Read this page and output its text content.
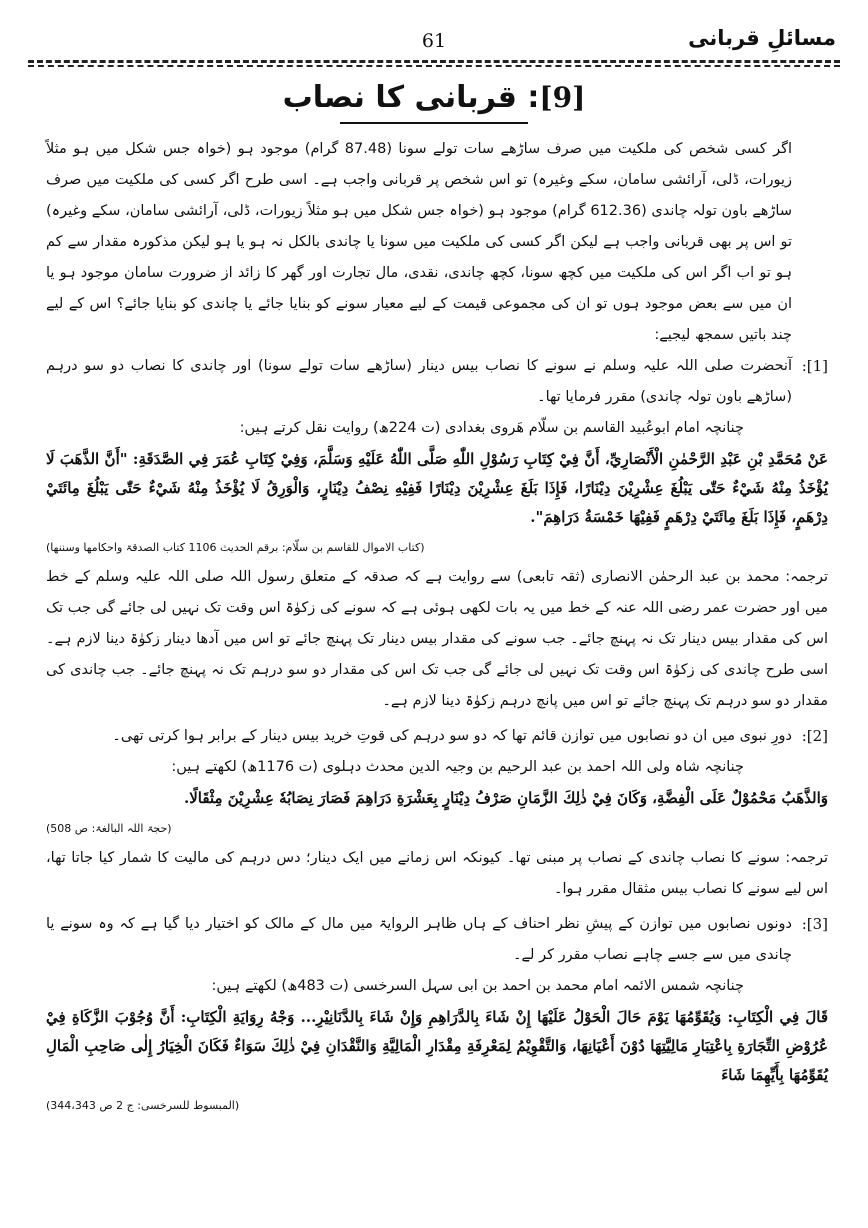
مسائلِ قربانی
61
[9]: قربانی کا نصاب

اگر کسی شخص کی ملکیت میں صرف ساڑھے سات تولے سونا (87.48 گرام) موجود ہو (خواہ جس شکل میں ہو مثلاً زیورات، ڈلی، آرائشی سامان، سکے وغیرہ) تو اس شخص پر قربانی واجب ہے۔ اسی طرح اگر کسی کی ملکیت میں صرف ساڑھے باون تولہ چاندی (612.36 گرام) موجود ہو (خواہ جس شکل میں ہو مثلاً زیورات، ڈلی، آرائشی سامان، سکے وغیرہ) تو اس پر بھی قربانی واجب ہے لیکن اگر کسی کی ملکیت میں سونا یا چاندی بالکل نہ ہو یا ہو لیکن مذکورہ مقدار سے کم ہو تو اب اگر اس کی ملکیت میں کچھ سونا، کچھ چاندی، نقدی، مال تجارت اور گھر کا زائد از ضرورت سامان موجود ہو یا ان میں سے بعض موجود ہوں تو ان کی مجموعی قیمت کے لیے معیار سونے کو بنایا جائے یا چاندی کو بنایا جائے؟ اس کے لیے چند باتیں سمجھ لیجیے:

[1]:
آنحضرت صلی اللہ علیہ وسلم نے سونے کا نصاب بیس دینار (ساڑھے سات تولے سونا) اور چاندی کا نصاب دو سو درہم (ساڑھے باون تولہ چاندی) مقرر فرمایا تھا۔

چنانچہ امام ابوعُبید القاسم بن سلّام ھَروی بغدادی (ت 224ھ) روایت نقل کرتے ہیں:

عَنْ مُحَمَّدِ بْنِ عَبْدِ الرَّحْمٰنِ الْأَنْصَارِيِّ، أَنَّ فِيْ كِتَابِ رَسُوْلِ اللّٰهِ صَلَّى اللّٰهُ عَلَيْهِ وَسَلَّمَ، وَفِيْ كِتَابِ عُمَرَ فِي الصَّدَقَةِ: "أَنَّ الذَّهَبَ لَا يُؤْخَذُ مِنْهُ شَيْءٌ حَتّٰى يَبْلُغَ عِشْرِيْنَ دِيْنَارًا، فَإِذَا بَلَغَ عِشْرِيْنَ دِيْنَارًا فَفِيْهِ نِصْفُ دِيْنَارٍ، وَالْوَرِقُ لَا يُؤْخَذُ مِنْهُ شَيْءٌ حَتّٰى يَبْلُغَ مِائَتَيْ دِرْهَمٍ، فَإِذَا بَلَغَ مِائَتَيْ دِرْهَمٍ فَفِيْهَا خَمْسَةُ دَرَاهِمَ".

(کتاب الاموال للقاسم بن سلّام: برقم الحدیث 1106 کتاب الصدقۃ واحکامھا وسننھا)

ترجمہ: محمد بن عبد الرحمٰن الانصاری (ثقہ تابعی) سے روایت ہے کہ صدقہ کے متعلق رسول اللہ صلی اللہ علیہ وسلم کے خط میں اور حضرت عمر رضی اللہ عنہ کے خط میں یہ بات لکھی ہوئی ہے کہ سونے کی زکوٰۃ اس وقت تک نہیں لی جائے گی جب تک اس کی مقدار بیس دینار تک نہ پہنچ جائے۔ جب سونے کی مقدار بیس دینار تک پہنچ جائے تو اس میں آدھا دینار زکوٰۃ دینا لازم ہے۔ اسی طرح چاندی کی زکوٰۃ اس وقت تک نہیں لی جائے گی جب تک اس کی مقدار دو سو درہم تک نہ پہنچ جائے۔ جب چاندی کی مقدار دو سو درہم تک پہنچ جائے تو اس میں پانچ درہم زکوٰۃ دینا لازم ہے۔

[2]:
دورِ نبوی میں ان دو نصابوں میں توازن قائم تھا کہ دو سو درہم کی قوتِ خرید بیس دینار کے برابر ہوا کرتی تھی۔

چنانچہ شاہ ولی اللہ احمد بن عبد الرحیم بن وجیہ الدین محدث دہلوی (ت 1176ھ) لکھتے ہیں:

وَالذَّهَبُ مَحْمُوْلٌ عَلَى الْفِضَّةِ، وَكَانَ فِيْ ذٰلِكَ الزَّمَانِ صَرْفُ دِيْنَارٍ بِعَشْرَةِ دَرَاهِمَ فَصَارَ نِصَابُهٗ عِشْرِيْنَ مِثْقَالًا.

(حجۃ اللہ البالغۃ: ص 508)

ترجمہ: سونے کا نصاب چاندی کے نصاب پر مبنی تھا۔ کیونکہ اس زمانے میں ایک دینار؛ دس درہم کی مالیت کا شمار کیا جاتا تھا، اس لیے سونے کا نصاب بیس مثقال مقرر ہوا۔

[3]:
دونوں نصابوں میں توازن کے پیشِ نظر احناف کے ہاں ظاہر الروایۃ میں مال کے مالک کو اختیار دیا گیا ہے کہ وہ سونے یا چاندی میں سے جسے چاہے نصاب مقرر کر لے۔

چنانچہ شمس الائمہ امام محمد بن احمد بن ابی سہل السرخسی (ت 483ھ) لکھتے ہیں:

قَالَ فِي الْكِتَابِ: وَيُقَوِّمُهَا يَوْمَ حَالَ الْحَوْلُ عَلَيْهَا إِنْ شَاءَ بِالدَّرَاهِمِ وَإِنْ شَاءَ بِالدَّنَانِيْرِ... وَجْهُ رِوَايَةِ الْكِتَابِ: أَنَّ وُجُوْبَ الزَّكَاةِ فِيْ عُرُوْضِ التِّجَارَةِ بِاعْتِبَارِ مَالِيَّتِهَا دُوْنَ أَعْيَانِهَا، وَالتَّقْوِيْمُ لِمَعْرِفَةِ مِقْدَارِ الْمَالِيَّةِ وَالنَّقْدَانِ فِيْ ذٰلِكَ سَوَاءٌ فَكَانَ الْخِيَارُ إِلٰى صَاحِبِ الْمَالِ يُقَوِّمُهَا بِأَيِّهِمَا شَاءَ

(المبسوط للسرخسی: ج 2 ص 344،343)
